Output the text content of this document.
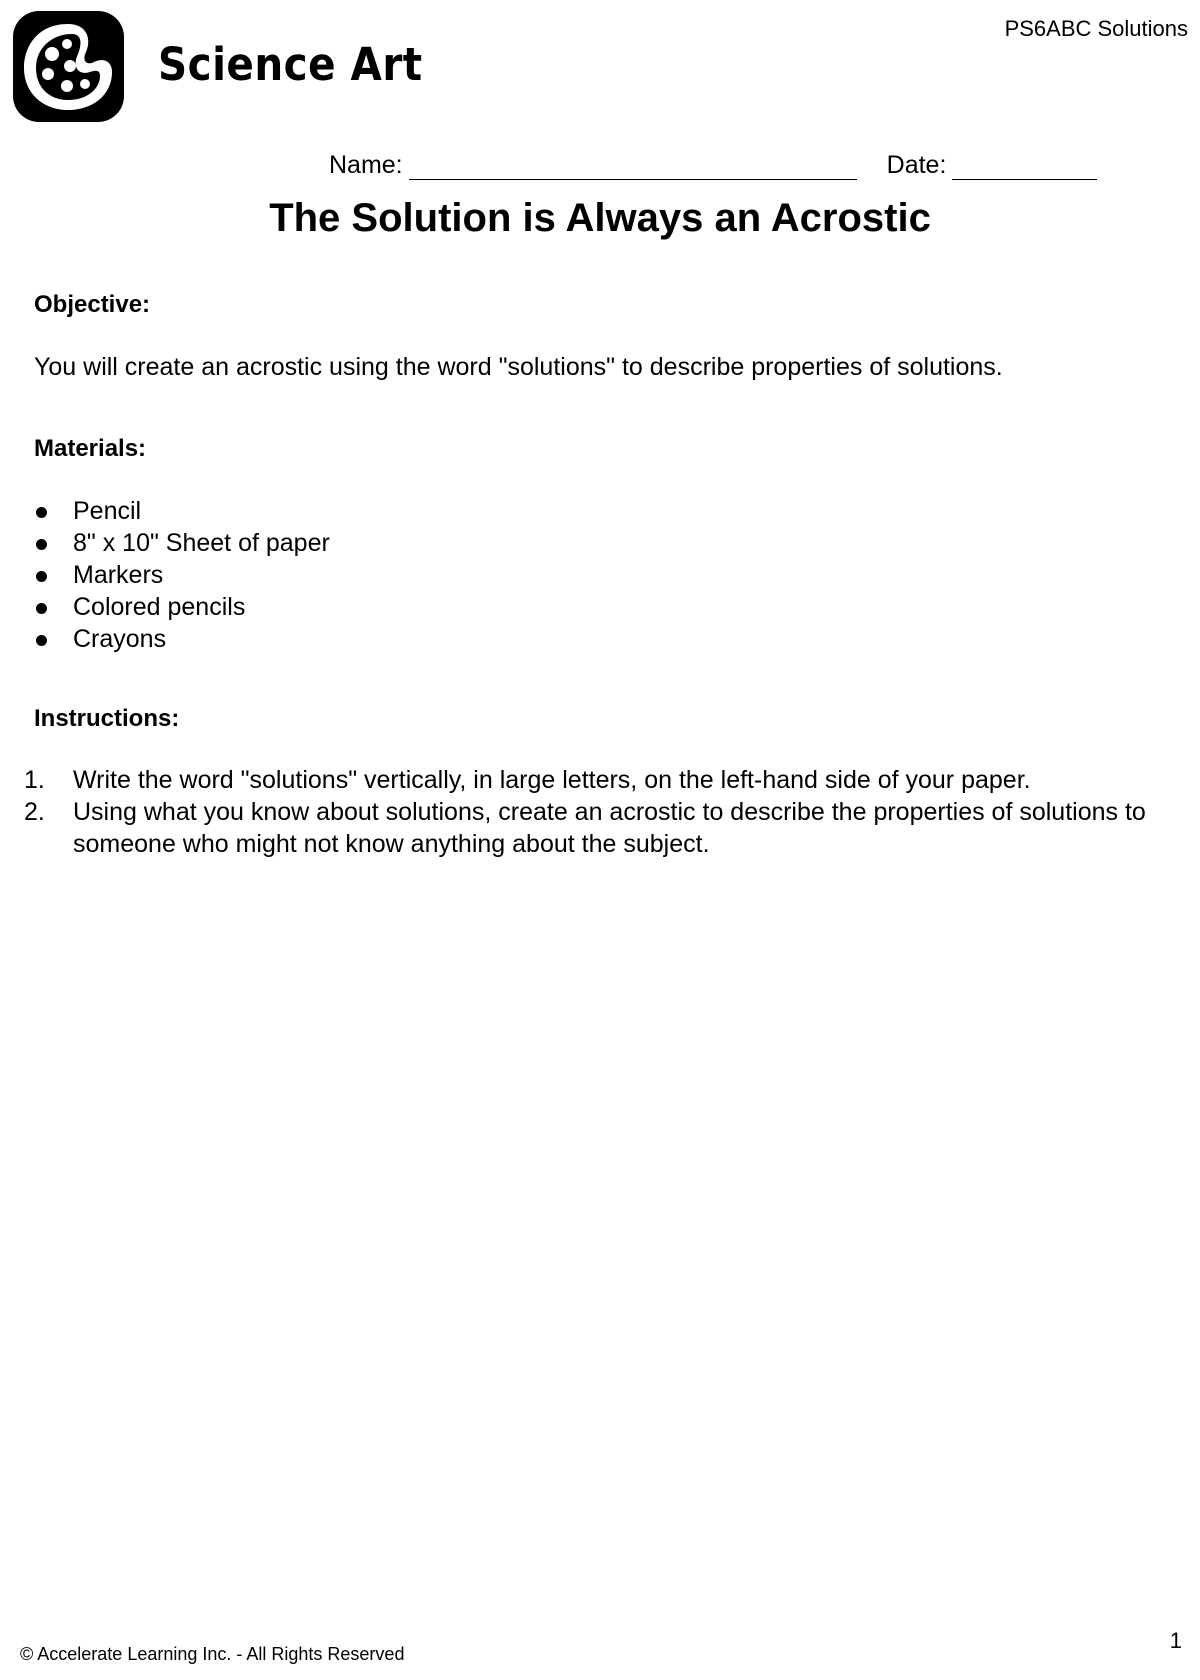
Science Art
PS6ABC Solutions
Name:	Date:
The Solution is Always an Acrostic
Objective:
You will create an acrostic using the word "solutions" to describe properties of solutions.
Materials:
Pencil
8" x 10" Sheet of paper
Markers
Colored pencils
Crayons
Instructions:
1. Write the word "solutions" vertically, in large letters, on the left-hand side of your paper.
2. Using what you know about solutions, create an acrostic to describe the properties of solutions to someone who might not know anything about the subject.
© Accelerate Learning Inc. - All Rights Reserved
1
